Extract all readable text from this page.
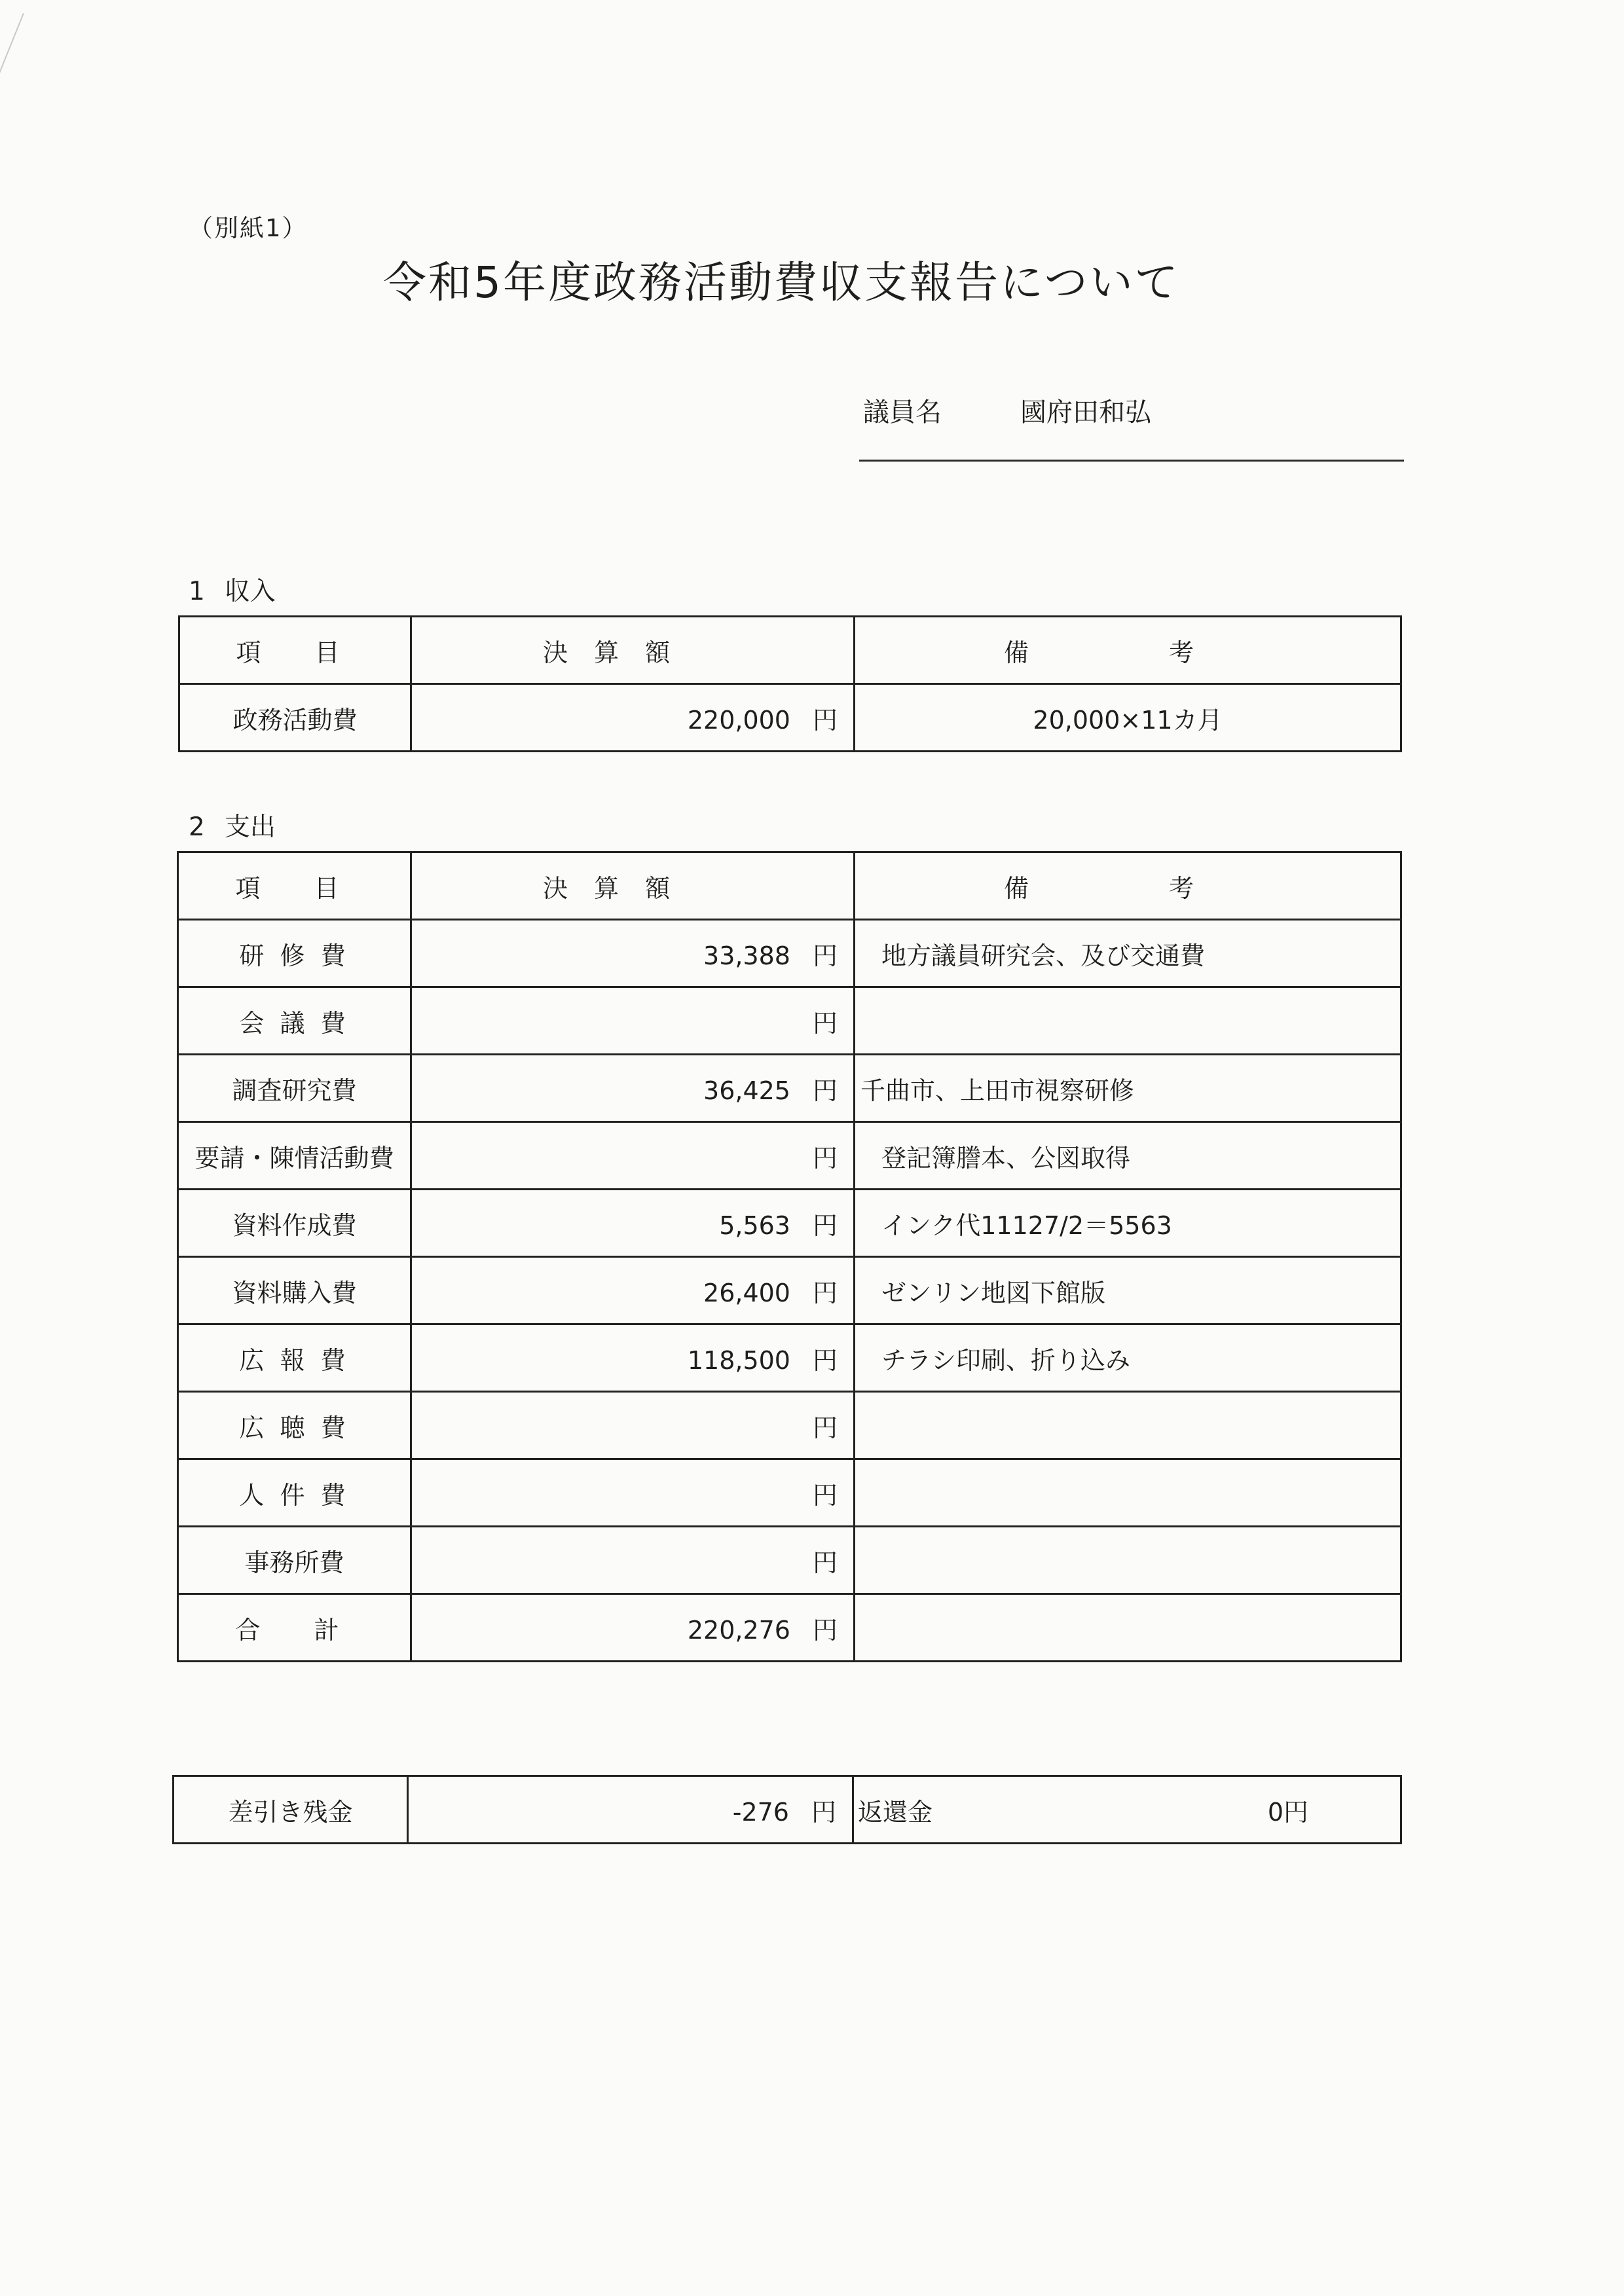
（別紙1）
令和5年度政務活動費収支報告について
議員名	國府田和弘
1 収入
項　目	決 算 額	備　考
政務活動費	220,000 円	20,000×11カ月
2 支出
項　目	決 算 額	備　考
研 修 費	33,388 円	地方議員研究会、及び交通費
会 議 費	円	
調査研究費	36,425 円	千曲市、上田市視察研修
要請・陳情活動費	円	登記簿謄本、公図取得
資料作成費	5,563 円	インク代11127/2＝5563
資料購入費	26,400 円	ゼンリン地図下館版
広 報 費	118,500 円	チラシ印刷、折り込み
広 聴 費	円	
人 件 費	円	
事務所費	円	
合　計	220,276 円	
差引き残金	-276 円	返還金	0円
